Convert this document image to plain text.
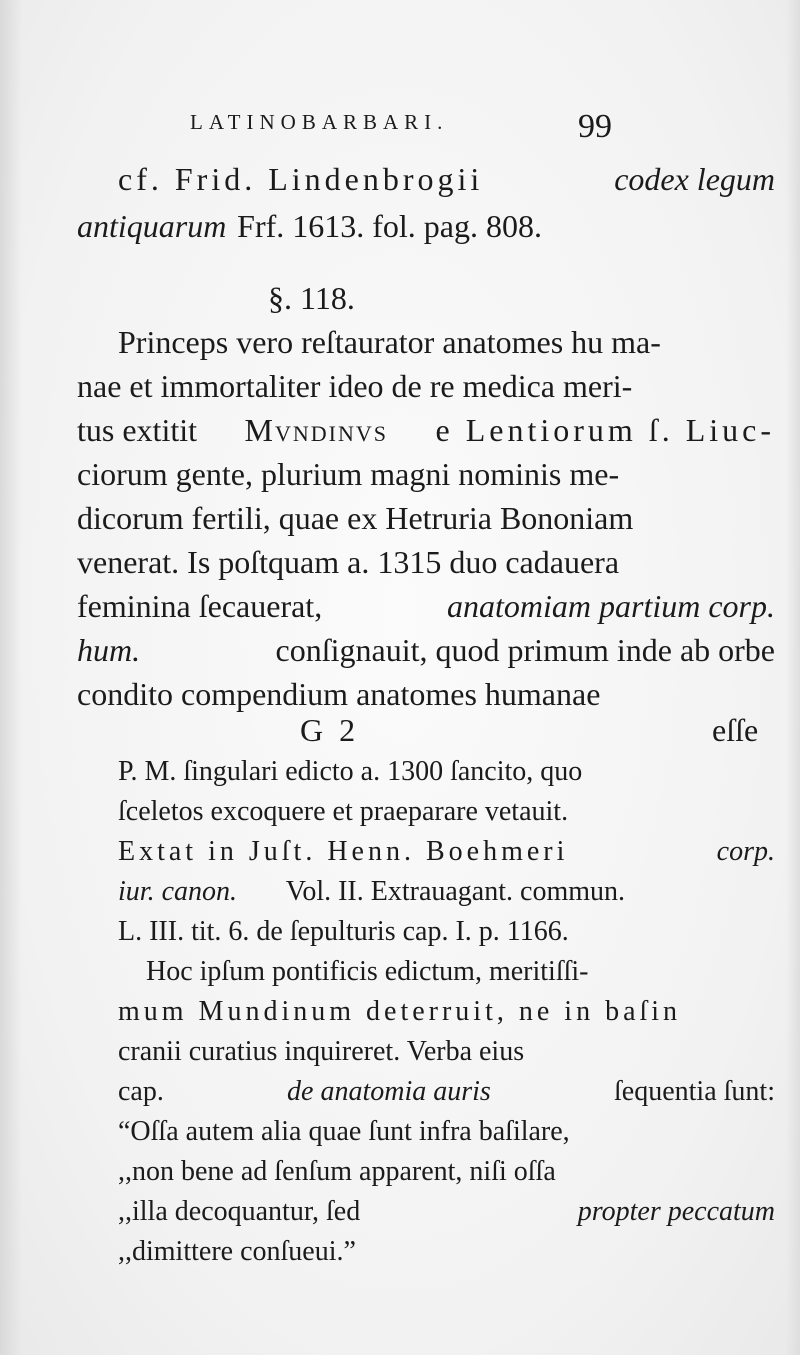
LATINOBARBARI.	99
cf. Frid. Lindenbrogii	codex legum
antiquarum Frf. 1613. fol. pag. 808.
§. 118.
Princeps vero reſtaurator anatomes hu ma-
nae et immortaliter ideo de re medica meri-
tus extitit Mvndinvs e Lentiorum ſ. Liuc-
ciorum gente, plurium magni nominis me-
dicorum fertili, quae ex Hetruria Bononiam
venerat. Is poſtquam a. 1315 duo cadauera
feminina ſecauerat,	anatomiam partium corp.
hum.	conſignauit, quod primum inde ab orbe
condito compendium anatomes humanae
G 2	eſſe
P. M. ſingulari edicto a. 1300 ſancito, quo
ſceletos excoquere et praeparare vetauit.
Extat in Juſt. Henn. Boehmeri	corp.
iur. canon. Vol. II. Extrauagant. commun.
L. III. tit. 6. de ſepulturis cap. I. p. 1166.
Hoc ipſum pontificis edictum, meritiſſi-
mum Mundinum deterruit, ne in baſin
cranii curatius inquireret. Verba eius
cap.	de anatomia auris	ſequentia ſunt:
“Oſſa autem alia quae ſunt infra baſilare,
,,non bene ad ſenſum apparent, niſi oſſa
,,illa decoquantur, ſed	propter peccatum
,,dimittere conſueui.”
